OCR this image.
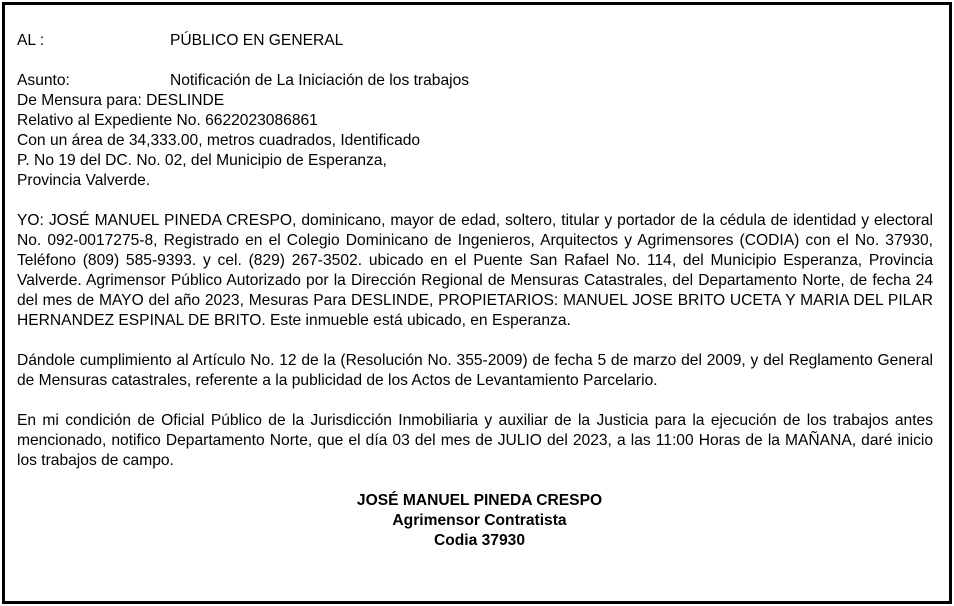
AL :	PÚBLICO EN GENERAL
Asunto:	Notificación de La Iniciación de los trabajos
De Mensura para: DESLINDE
Relativo al Expediente No. 6622023086861
Con un área de 34,333.00, metros cuadrados, Identificado
P. No 19 del DC. No. 02, del Municipio de Esperanza,
Provincia Valverde.
YO: JOSÉ MANUEL PINEDA CRESPO, dominicano, mayor de edad, soltero, titular y portador de la cédula de identidad y electoral No. 092-0017275-8, Registrado en el Colegio Dominicano de Ingenieros, Arquitectos y Agrimensores (CODIA) con el No. 37930, Teléfono (809) 585-9393. y cel. (829) 267-3502. ubicado en el Puente San Rafael No. 114, del Municipio Esperanza, Provincia Valverde. Agrimensor Público Autorizado por la Dirección Regional de Mensuras Catastrales, del Departamento Norte, de fecha 24 del mes de MAYO del año 2023, Mesuras Para DESLINDE, PROPIETARIOS: MANUEL JOSE BRITO UCETA Y MARIA DEL PILAR HERNANDEZ ESPINAL DE BRITO. Este inmueble está ubicado, en Esperanza.
Dándole cumplimiento al Artículo No. 12 de la (Resolución No. 355-2009) de fecha 5 de marzo del 2009, y del Reglamento General de Mensuras catastrales, referente a la publicidad de los Actos de Levantamiento Parcelario.
En mi condición de Oficial Público de la Jurisdicción Inmobiliaria y auxiliar de la Justicia para la ejecución de los trabajos antes mencionado, notifico Departamento Norte, que el día 03 del mes de JULIO del 2023, a las 11:00 Horas de la MAÑANA, daré inicio los trabajos de campo.
JOSÉ MANUEL PINEDA CRESPO
Agrimensor Contratista
Codia 37930
